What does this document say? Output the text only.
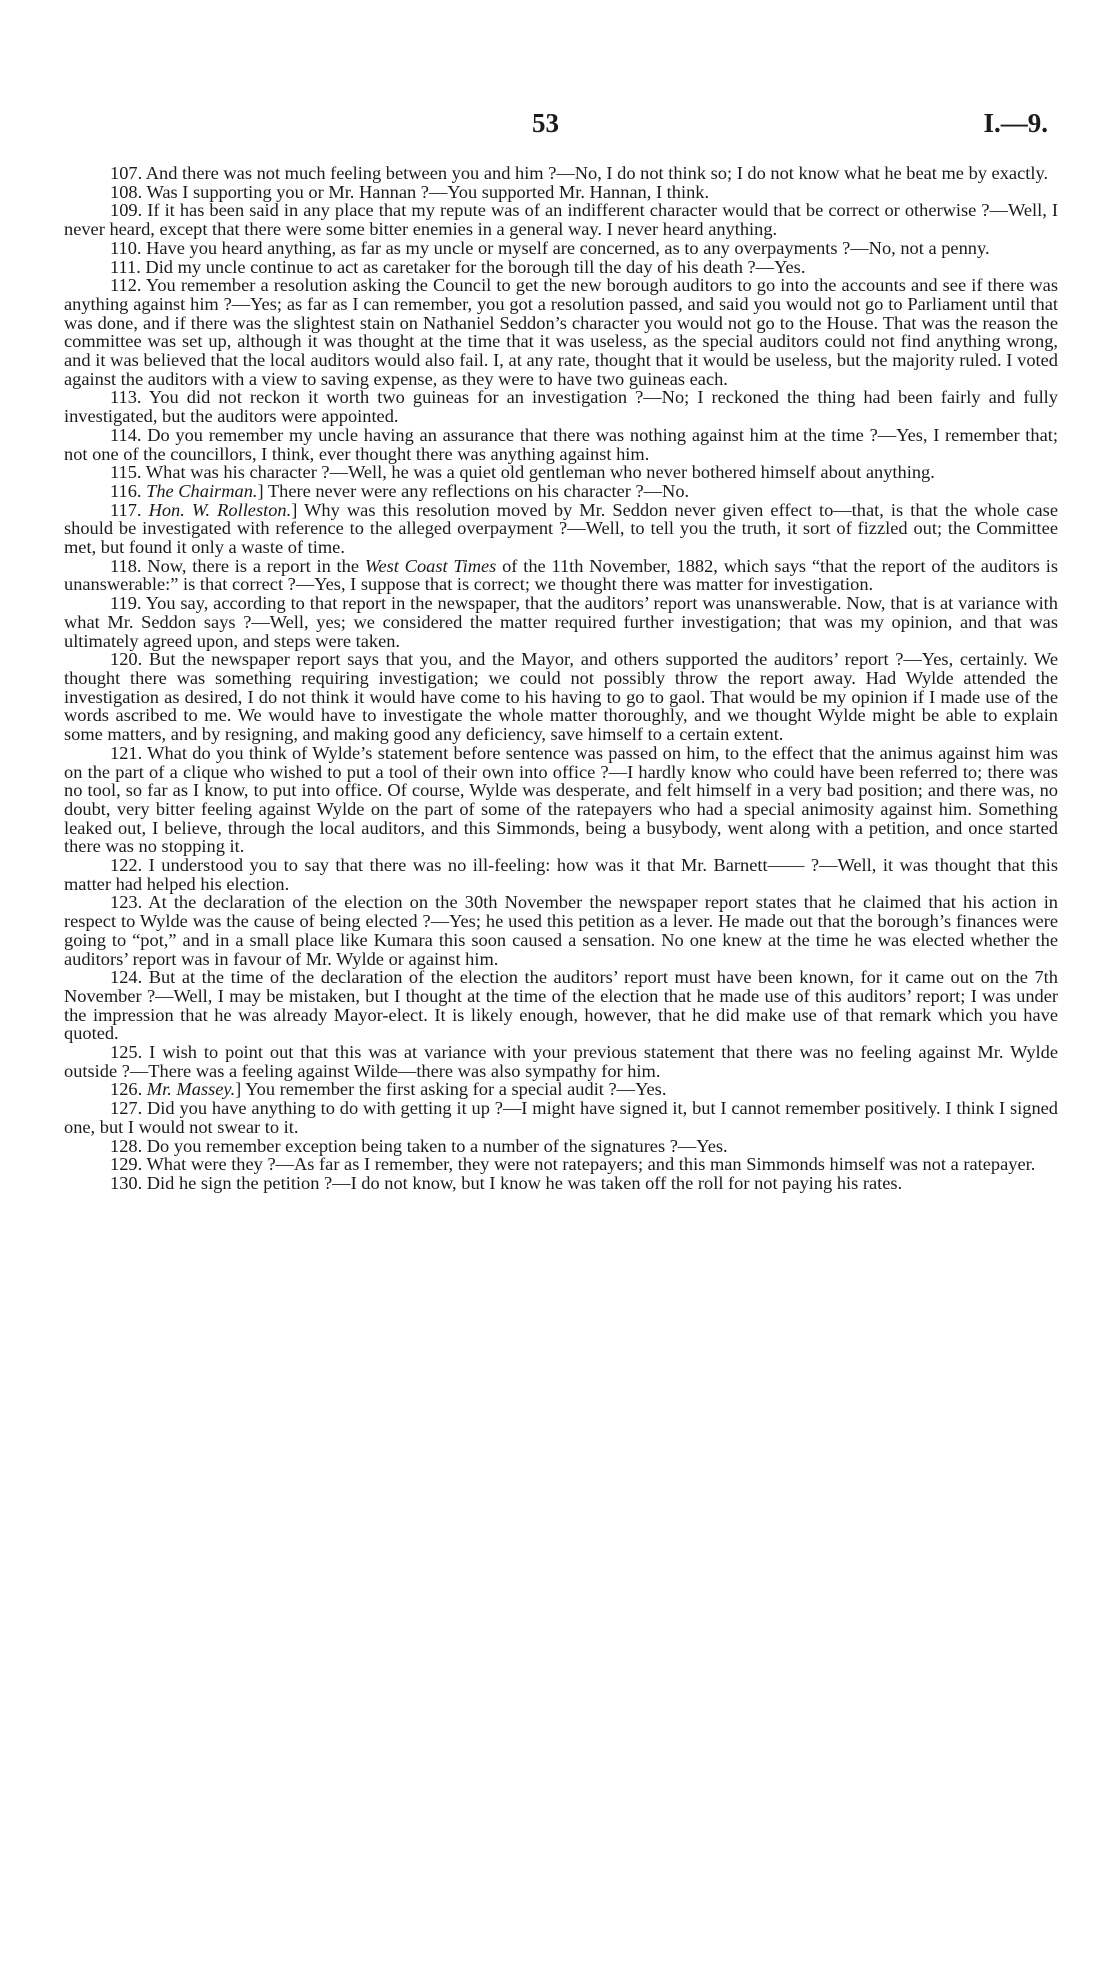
53	I.—9.

107. And there was not much feeling between you and him ?—No, I do not think so; I do not know what he beat me by exactly.

108. Was I supporting you or Mr. Hannan ?—You supported Mr. Hannan, I think.

109. If it has been said in any place that my repute was of an indifferent character would that be correct or otherwise ?—Well, I never heard, except that there were some bitter enemies in a general way. I never heard anything.

110. Have you heard anything, as far as my uncle or myself are concerned, as to any overpayments ?—No, not a penny.

111. Did my uncle continue to act as caretaker for the borough till the day of his death ?—Yes.

112. You remember a resolution asking the Council to get the new borough auditors to go into the accounts and see if there was anything against him ?—Yes; as far as I can remember, you got a resolution passed, and said you would not go to Parliament until that was done, and if there was the slightest stain on Nathaniel Seddon’s character you would not go to the House. That was the reason the committee was set up, although it was thought at the time that it was useless, as the special auditors could not find anything wrong, and it was believed that the local auditors would also fail. I, at any rate, thought that it would be useless, but the majority ruled. I voted against the auditors with a view to saving expense, as they were to have two guineas each.

113. You did not reckon it worth two guineas for an investigation ?—No; I reckoned the thing had been fairly and fully investigated, but the auditors were appointed.

114. Do you remember my uncle having an assurance that there was nothing against him at the time ?—Yes, I remember that; not one of the councillors, I think, ever thought there was anything against him.

115. What was his character ?—Well, he was a quiet old gentleman who never bothered himself about anything.

116. The Chairman.] There never were any reflections on his character ?—No.

117. Hon. W. Rolleston.] Why was this resolution moved by Mr. Seddon never given effect to—that, is that the whole case should be investigated with reference to the alleged overpayment ?—Well, to tell you the truth, it sort of fizzled out; the Committee met, but found it only a waste of time.

118. Now, there is a report in the West Coast Times of the 11th November, 1882, which says “that the report of the auditors is unanswerable:” is that correct ?—Yes, I suppose that is correct; we thought there was matter for investigation.

119. You say, according to that report in the newspaper, that the auditors’ report was unanswerable. Now, that is at variance with what Mr. Seddon says ?—Well, yes; we considered the matter required further investigation; that was my opinion, and that was ultimately agreed upon, and steps were taken.

120. But the newspaper report says that you, and the Mayor, and others supported the auditors’ report ?—Yes, certainly. We thought there was something requiring investigation; we could not possibly throw the report away. Had Wylde attended the investigation as desired, I do not think it would have come to his having to go to gaol. That would be my opinion if I made use of the words ascribed to me. We would have to investigate the whole matter thoroughly, and we thought Wylde might be able to explain some matters, and by resigning, and making good any deficiency, save himself to a certain extent.

121. What do you think of Wylde’s statement before sentence was passed on him, to the effect that the animus against him was on the part of a clique who wished to put a tool of their own into office ?—I hardly know who could have been referred to; there was no tool, so far as I know, to put into office. Of course, Wylde was desperate, and felt himself in a very bad position; and there was, no doubt, very bitter feeling against Wylde on the part of some of the ratepayers who had a special animosity against him. Something leaked out, I believe, through the local auditors, and this Simmonds, being a busybody, went along with a petition, and once started there was no stopping it.

122. I understood you to say that there was no ill-feeling: how was it that Mr. Barnett—— ?—Well, it was thought that this matter had helped his election.

123. At the declaration of the election on the 30th November the newspaper report states that he claimed that his action in respect to Wylde was the cause of being elected ?—Yes; he used this petition as a lever. He made out that the borough’s finances were going to “pot,” and in a small place like Kumara this soon caused a sensation. No one knew at the time he was elected whether the auditors’ report was in favour of Mr. Wylde or against him.

124. But at the time of the declaration of the election the auditors’ report must have been known, for it came out on the 7th November ?—Well, I may be mistaken, but I thought at the time of the election that he made use of this auditors’ report; I was under the impression that he was already Mayor-elect. It is likely enough, however, that he did make use of that remark which you have quoted.

125. I wish to point out that this was at variance with your previous statement that there was no feeling against Mr. Wylde outside ?—There was a feeling against Wilde—there was also sympathy for him.

126. Mr. Massey.] You remember the first asking for a special audit ?—Yes.

127. Did you have anything to do with getting it up ?—I might have signed it, but I cannot remember positively. I think I signed one, but I would not swear to it.

128. Do you remember exception being taken to a number of the signatures ?—Yes.

129. What were they ?—As far as I remember, they were not ratepayers; and this man Simmonds himself was not a ratepayer.

130. Did he sign the petition ?—I do not know, but I know he was taken off the roll for not paying his rates.
